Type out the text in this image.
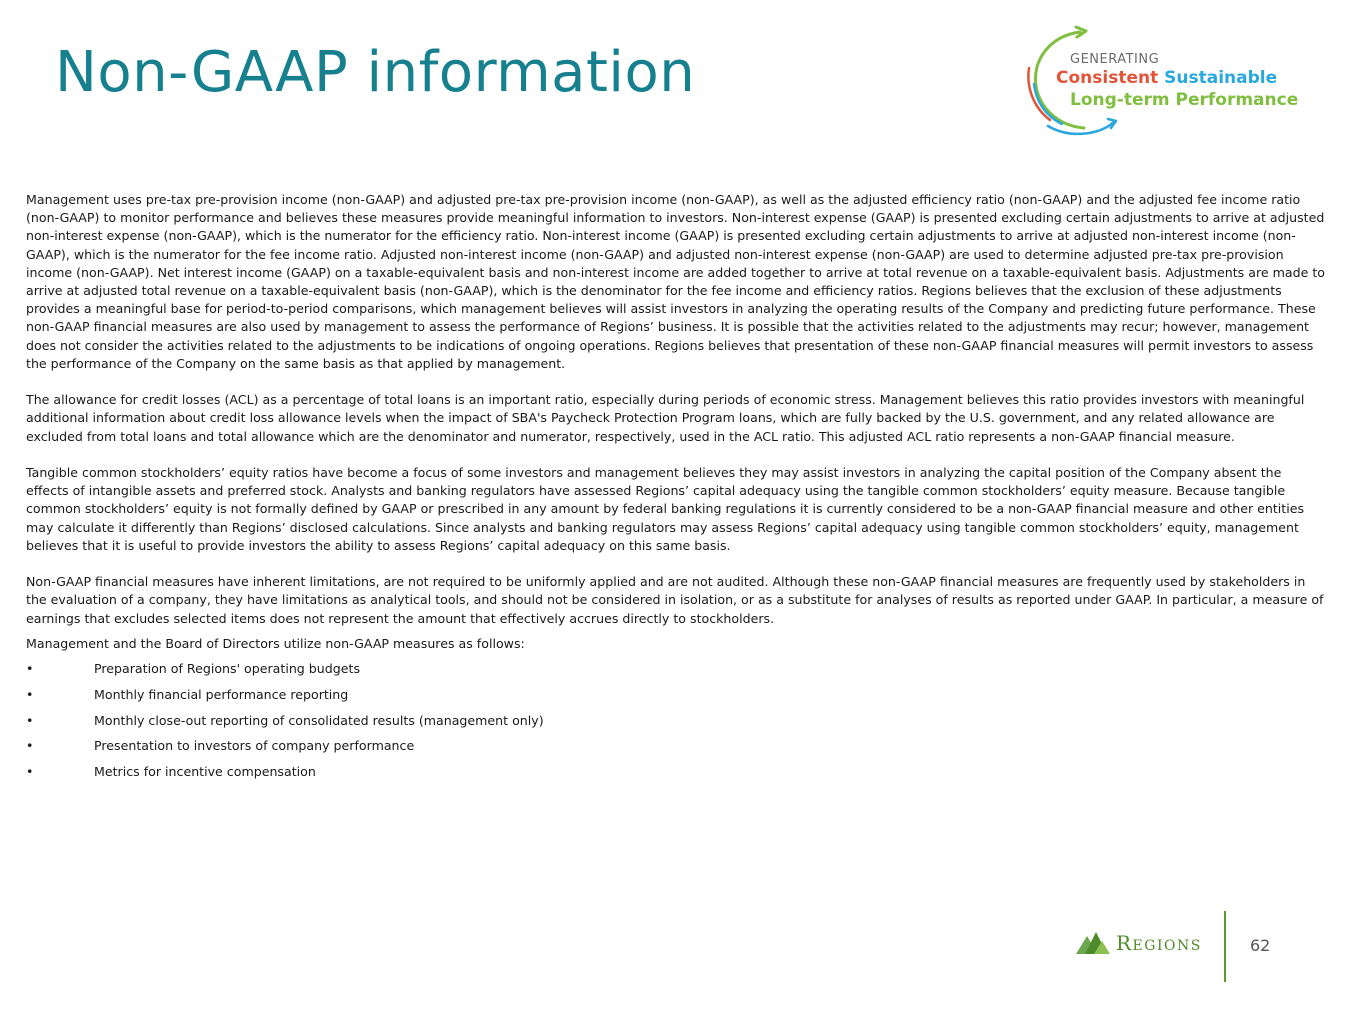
Non-GAAP information	GENERATING
Consistent Sustainable
Long-term Performance

Management uses pre-tax pre-provision income (non-GAAP) and adjusted pre-tax pre-provision income (non-GAAP), as well as the adjusted efficiency ratio (non-GAAP) and the adjusted fee income ratio (non-GAAP) to monitor performance and believes these measures provide meaningful information to investors. Non-interest expense (GAAP) is presented excluding certain adjustments to arrive at adjusted non-interest expense (non-GAAP), which is the numerator for the efficiency ratio. Non-interest income (GAAP) is presented excluding certain adjustments to arrive at adjusted non-interest income (non-GAAP), which is the numerator for the fee income ratio. Adjusted non-interest income (non-GAAP) and adjusted non-interest expense (non-GAAP) are used to determine adjusted pre-tax pre-provision income (non-GAAP). Net interest income (GAAP) on a taxable-equivalent basis and non-interest income are added together to arrive at total revenue on a taxable-equivalent basis. Adjustments are made to arrive at adjusted total revenue on a taxable-equivalent basis (non-GAAP), which is the denominator for the fee income and efficiency ratios. Regions believes that the exclusion of these adjustments provides a meaningful base for period-to-period comparisons, which management believes will assist investors in analyzing the operating results of the Company and predicting future performance. These non-GAAP financial measures are also used by management to assess the performance of Regions’ business. It is possible that the activities related to the adjustments may recur; however, management does not consider the activities related to the adjustments to be indications of ongoing operations. Regions believes that presentation of these non-GAAP financial measures will permit investors to assess the performance of the Company on the same basis as that applied by management.

The allowance for credit losses (ACL) as a percentage of total loans is an important ratio, especially during periods of economic stress. Management believes this ratio provides investors with meaningful additional information about credit loss allowance levels when the impact of SBA's Paycheck Protection Program loans, which are fully backed by the U.S. government, and any related allowance are excluded from total loans and total allowance which are the denominator and numerator, respectively, used in the ACL ratio. This adjusted ACL ratio represents a non-GAAP financial measure.

Tangible common stockholders’ equity ratios have become a focus of some investors and management believes they may assist investors in analyzing the capital position of the Company absent the effects of intangible assets and preferred stock. Analysts and banking regulators have assessed Regions’ capital adequacy using the tangible common stockholders’ equity measure. Because tangible common stockholders’ equity is not formally defined by GAAP or prescribed in any amount by federal banking regulations it is currently considered to be a non-GAAP financial measure and other entities may calculate it differently than Regions’ disclosed calculations. Since analysts and banking regulators may assess Regions’ capital adequacy using tangible common stockholders’ equity, management believes that it is useful to provide investors the ability to assess Regions’ capital adequacy on this same basis.

Non-GAAP financial measures have inherent limitations, are not required to be uniformly applied and are not audited. Although these non-GAAP financial measures are frequently used by stakeholders in the evaluation of a company, they have limitations as analytical tools, and should not be considered in isolation, or as a substitute for analyses of results as reported under GAAP. In particular, a measure of earnings that excludes selected items does not represent the amount that effectively accrues directly to stockholders.

Management and the Board of Directors utilize non-GAAP measures as follows:

•	Preparation of Regions' operating budgets
•	Monthly financial performance reporting
•	Monthly close-out reporting of consolidated results (management only)
•	Presentation to investors of company performance
•	Metrics for incentive compensation
Regions	62
